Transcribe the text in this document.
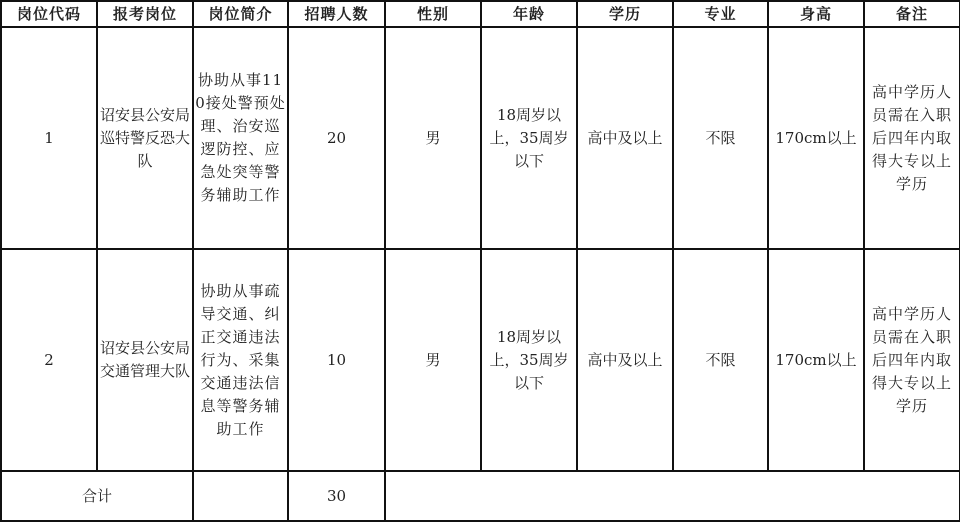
岗位代码	报考岗位	岗位简介	招聘人数	性别	年龄	学历	专业	身高	备注
1	诏安县公安局巡特警反恐大队	协助从事110接处警预处理、治安巡逻防控、应急处突等警务辅助工作	20	男	18周岁以上，35周岁以下	高中及以上	不限	170cm以上	高中学历人员需在入职后四年内取得大专以上学历
2	诏安县公安局交通管理大队	协助从事疏导交通、纠正交通违法行为、采集交通违法信息等警务辅助工作	10	男	18周岁以上，35周岁以下	高中及以上	不限	170cm以上	高中学历人员需在入职后四年内取得大专以上学历
合计			30						
